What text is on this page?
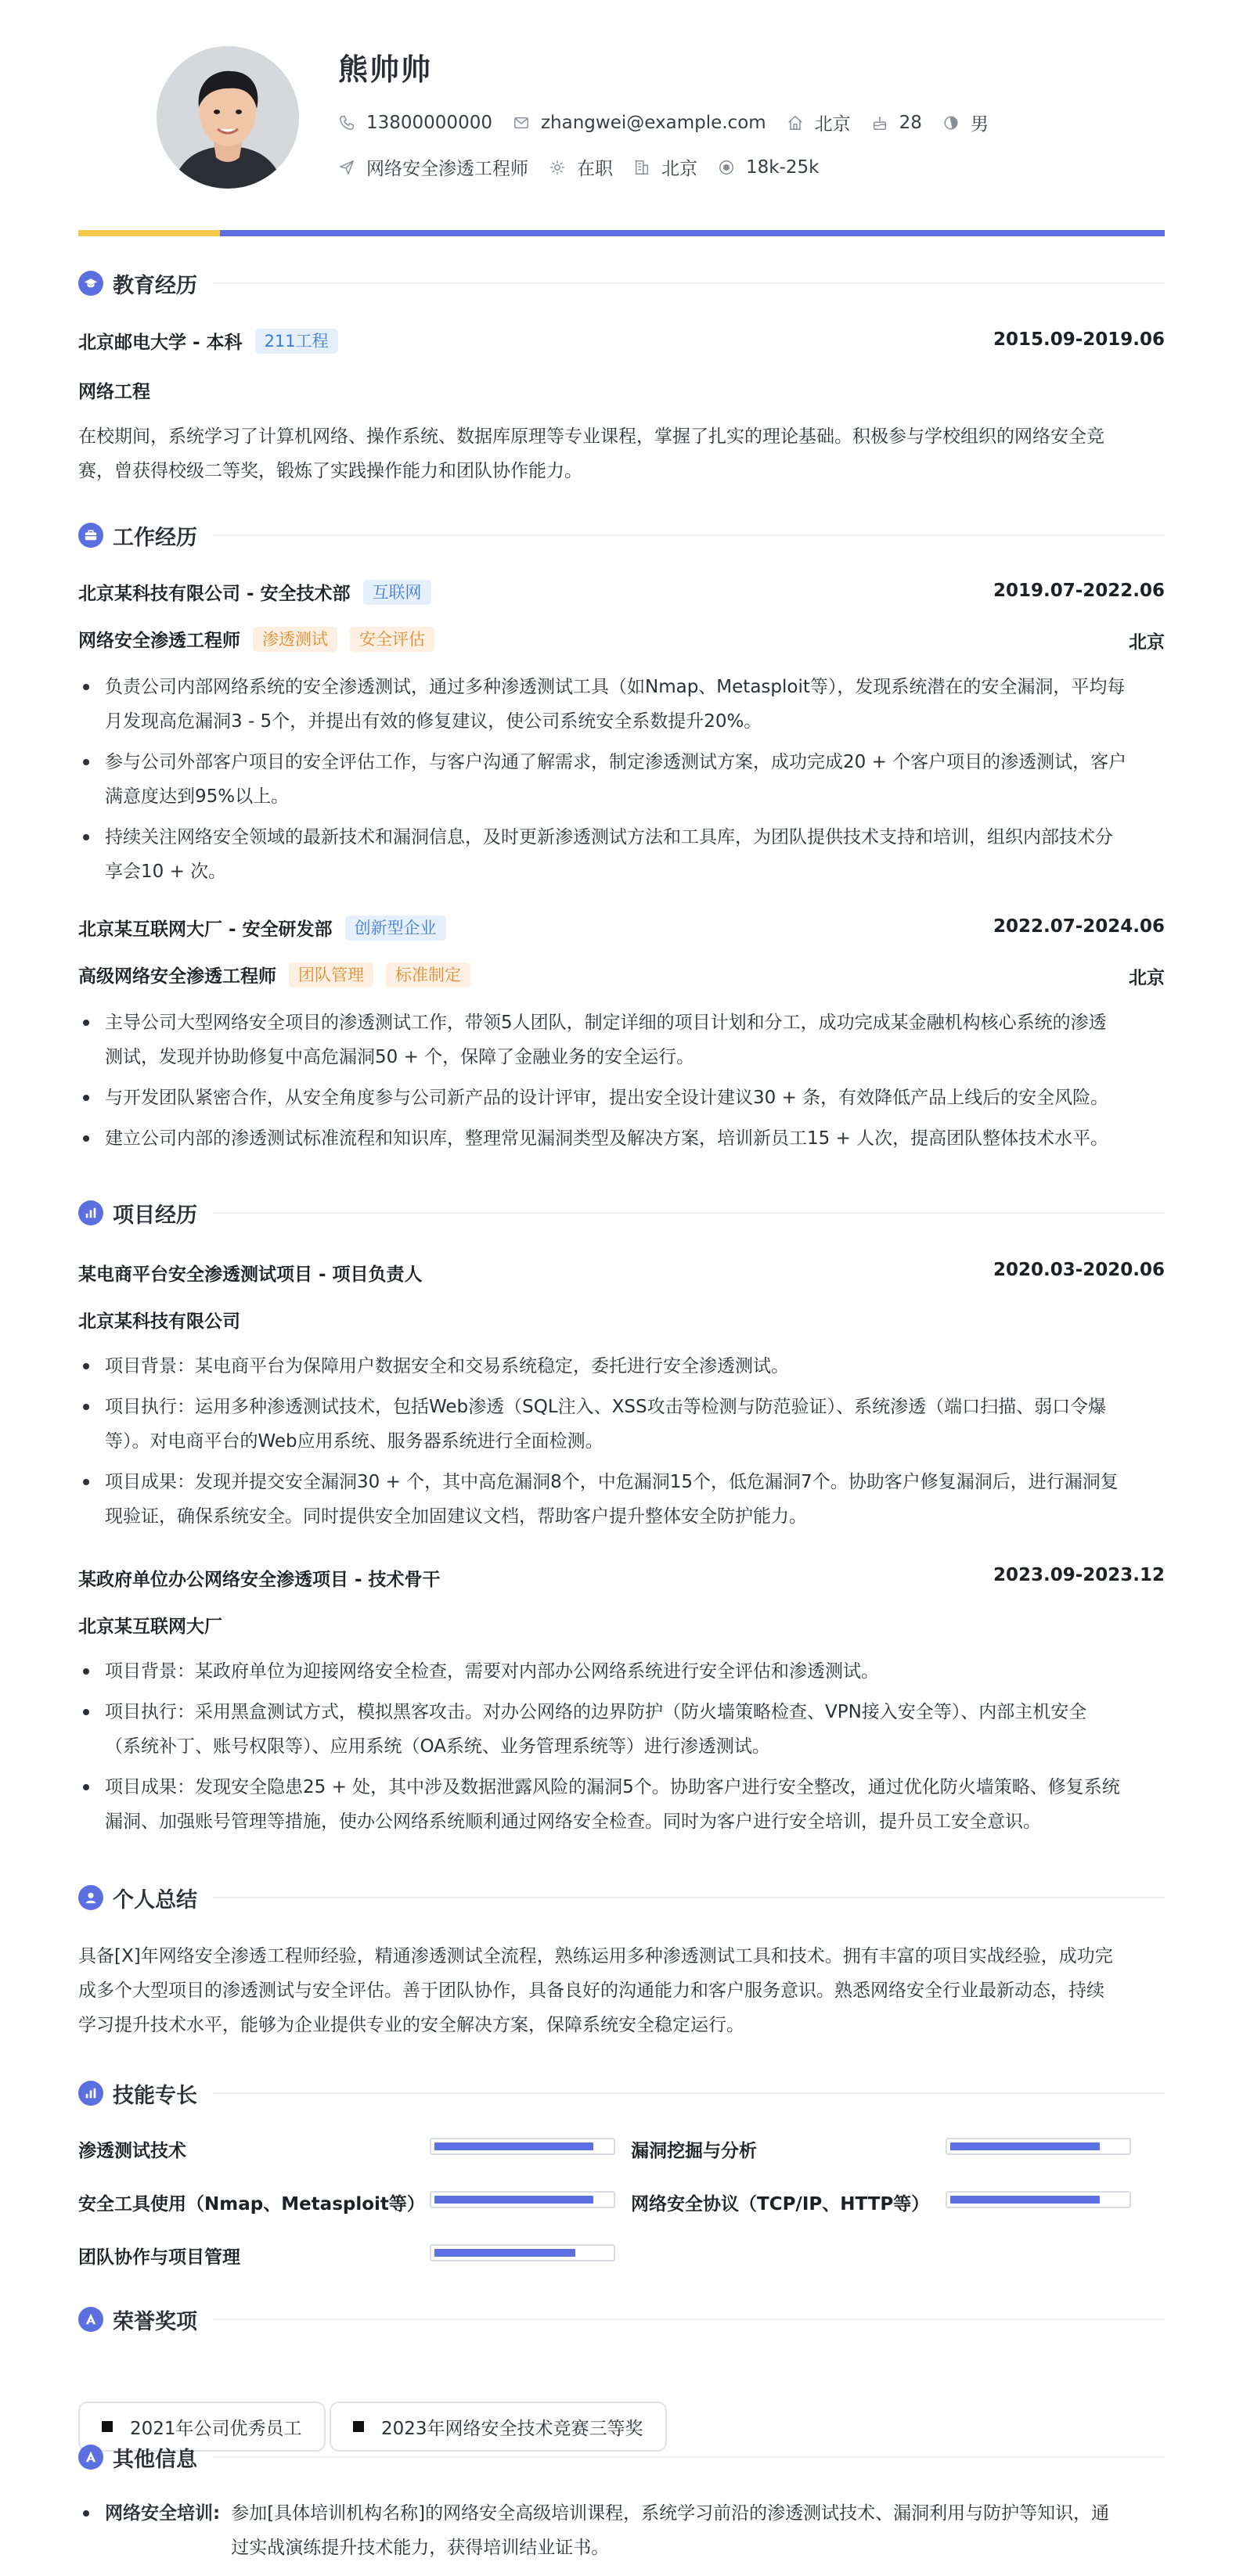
熊帅帅
13800000000	zhangwei@example.com	北京	28	男
网络安全渗透工程师	在职	北京	18k-25k
教育经历
北京邮电大学 - 本科	211工程	2015.09-2019.06
网络工程
在校期间，系统学习了计算机网络、操作系统、数据库原理等专业课程，掌握了扎实的理论基础。积极参与学校组织的网络安全竞
赛，曾获得校级二等奖，锻炼了实践操作能力和团队协作能力。
工作经历
北京某科技有限公司 - 安全技术部	互联网	2019.07-2022.06
网络安全渗透工程师	渗透测试	安全评估	北京
负责公司内部网络系统的安全渗透测试，通过多种渗透测试工具（如Nmap、Metasploit等），发现系统潜在的安全漏洞，平均每
月发现高危漏洞3 - 5个，并提出有效的修复建议，使公司系统安全系数提升20%。
参与公司外部客户项目的安全评估工作，与客户沟通了解需求，制定渗透测试方案，成功完成20 + 个客户项目的渗透测试，客户
满意度达到95%以上。
持续关注网络安全领域的最新技术和漏洞信息，及时更新渗透测试方法和工具库，为团队提供技术支持和培训，组织内部技术分
享会10 + 次。
北京某互联网大厂 - 安全研发部	创新型企业	2022.07-2024.06
高级网络安全渗透工程师	团队管理	标准制定	北京
主导公司大型网络安全项目的渗透测试工作，带领5人团队，制定详细的项目计划和分工，成功完成某金融机构核心系统的渗透
测试，发现并协助修复中高危漏洞50 + 个，保障了金融业务的安全运行。
与开发团队紧密合作，从安全角度参与公司新产品的设计评审，提出安全设计建议30 + 条，有效降低产品上线后的安全风险。
建立公司内部的渗透测试标准流程和知识库，整理常见漏洞类型及解决方案，培训新员工15 + 人次，提高团队整体技术水平。
项目经历
某电商平台安全渗透测试项目 - 项目负责人	2020.03-2020.06
北京某科技有限公司
项目背景：某电商平台为保障用户数据安全和交易系统稳定，委托进行安全渗透测试。
项目执行：运用多种渗透测试技术，包括Web渗透（SQL注入、XSS攻击等检测与防范验证）、系统渗透（端口扫描、弱口令爆
等）。对电商平台的Web应用系统、服务器系统进行全面检测。
项目成果：发现并提交安全漏洞30 + 个，其中高危漏洞8个，中危漏洞15个，低危漏洞7个。协助客户修复漏洞后，进行漏洞复
现验证，确保系统安全。同时提供安全加固建议文档，帮助客户提升整体安全防护能力。
某政府单位办公网络安全渗透项目 - 技术骨干	2023.09-2023.12
北京某互联网大厂
项目背景：某政府单位为迎接网络安全检查，需要对内部办公网络系统进行安全评估和渗透测试。
项目执行：采用黑盒测试方式，模拟黑客攻击。对办公网络的边界防护（防火墙策略检查、VPN接入安全等）、内部主机安全
（系统补丁、账号权限等）、应用系统（OA系统、业务管理系统等）进行渗透测试。
项目成果：发现安全隐患25 + 处，其中涉及数据泄露风险的漏洞5个。协助客户进行安全整改，通过优化防火墙策略、修复系统
漏洞、加强账号管理等措施，使办公网络系统顺利通过网络安全检查。同时为客户进行安全培训，提升员工安全意识。
个人总结
具备[X]年网络安全渗透工程师经验，精通渗透测试全流程，熟练运用多种渗透测试工具和技术。拥有丰富的项目实战经验，成功完
成多个大型项目的渗透测试与安全评估。善于团队协作，具备良好的沟通能力和客户服务意识。熟悉网络安全行业最新动态，持续
学习提升技术水平，能够为企业提供专业的安全解决方案，保障系统安全稳定运行。
技能专长
渗透测试技术	漏洞挖掘与分析
安全工具使用（Nmap、Metasploit等）	网络安全协议（TCP/IP、HTTP等）
团队协作与项目管理
荣誉奖项
2021年公司优秀员工	2023年网络安全技术竞赛三等奖
其他信息
网络安全培训: 参加[具体培训机构名称]的网络安全高级培训课程，系统学习前沿的渗透测试技术、漏洞利用与防护等知识，通
过实战演练提升技术能力，获得培训结业证书。
